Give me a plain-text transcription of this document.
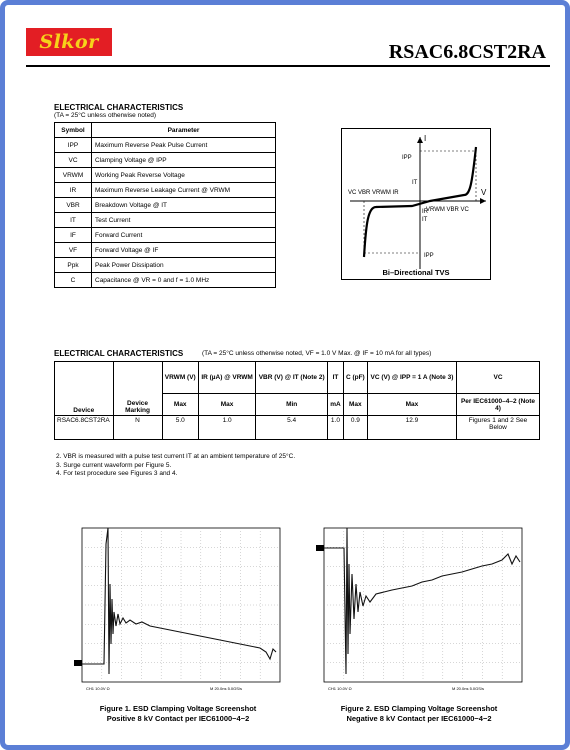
Slkor	RSAC6.8CST2RA
ELECTRICAL CHARACTERISTICS
(TA = 25°C unless otherwise noted)
Symbol	Parameter
IPP	Maximum Reverse Peak Pulse Current
VC	Clamping Voltage @ IPP
VRWM	Working Peak Reverse Voltage
IR	Maximum Reverse Leakage Current @ VRWM
VBR	Breakdown Voltage @ IT
IT	Test Current
IF	Forward Current
VF	Forward Voltage @ IF
Ppk	Peak Power Dissipation
C	Capacitance @ VR = 0 and f = 1.0 MHz
I
V
IPP
IPP
VC VBR VRWM IR
VRWM VBR VC
IT
IR
IT
Bi–Directional TVS
ELECTRICAL CHARACTERISTICS	(TA = 25°C unless otherwise noted, VF = 1.0 V Max. @ IF = 10 mA for all types)
Device	Device Marking	VRWM (V)	IR (µA) @ VRWM	VBR (V) @ IT (Note 2)	IT	C (pF)	VC (V) @ IPP = 1 A (Note 3)	VC
		Max	Max	Min	mA	Max	Max	Per IEC61000–4–2 (Note 4)
RSAC6.8CST2RA	N	5.0	1.0	5.4	1.0	0.9	12.9	Figures 1 and 2 See Below
2. VBR is measured with a pulse test current IT at an ambient temperature of 25°C.
3. Surge current waveform per Figure 5.
4. For test procedure see Figures 3 and 4.
CH1 10.0V Ω	M 20.0ns 5.0GS/s
Figure 1. ESD Clamping Voltage Screenshot
Positive 8 kV Contact per IEC61000−4−2
CH1 10.0V Ω	M 20.0ns 5.0GS/s
Figure 2. ESD Clamping Voltage Screenshot
Negative 8 kV Contact per IEC61000−4−2
